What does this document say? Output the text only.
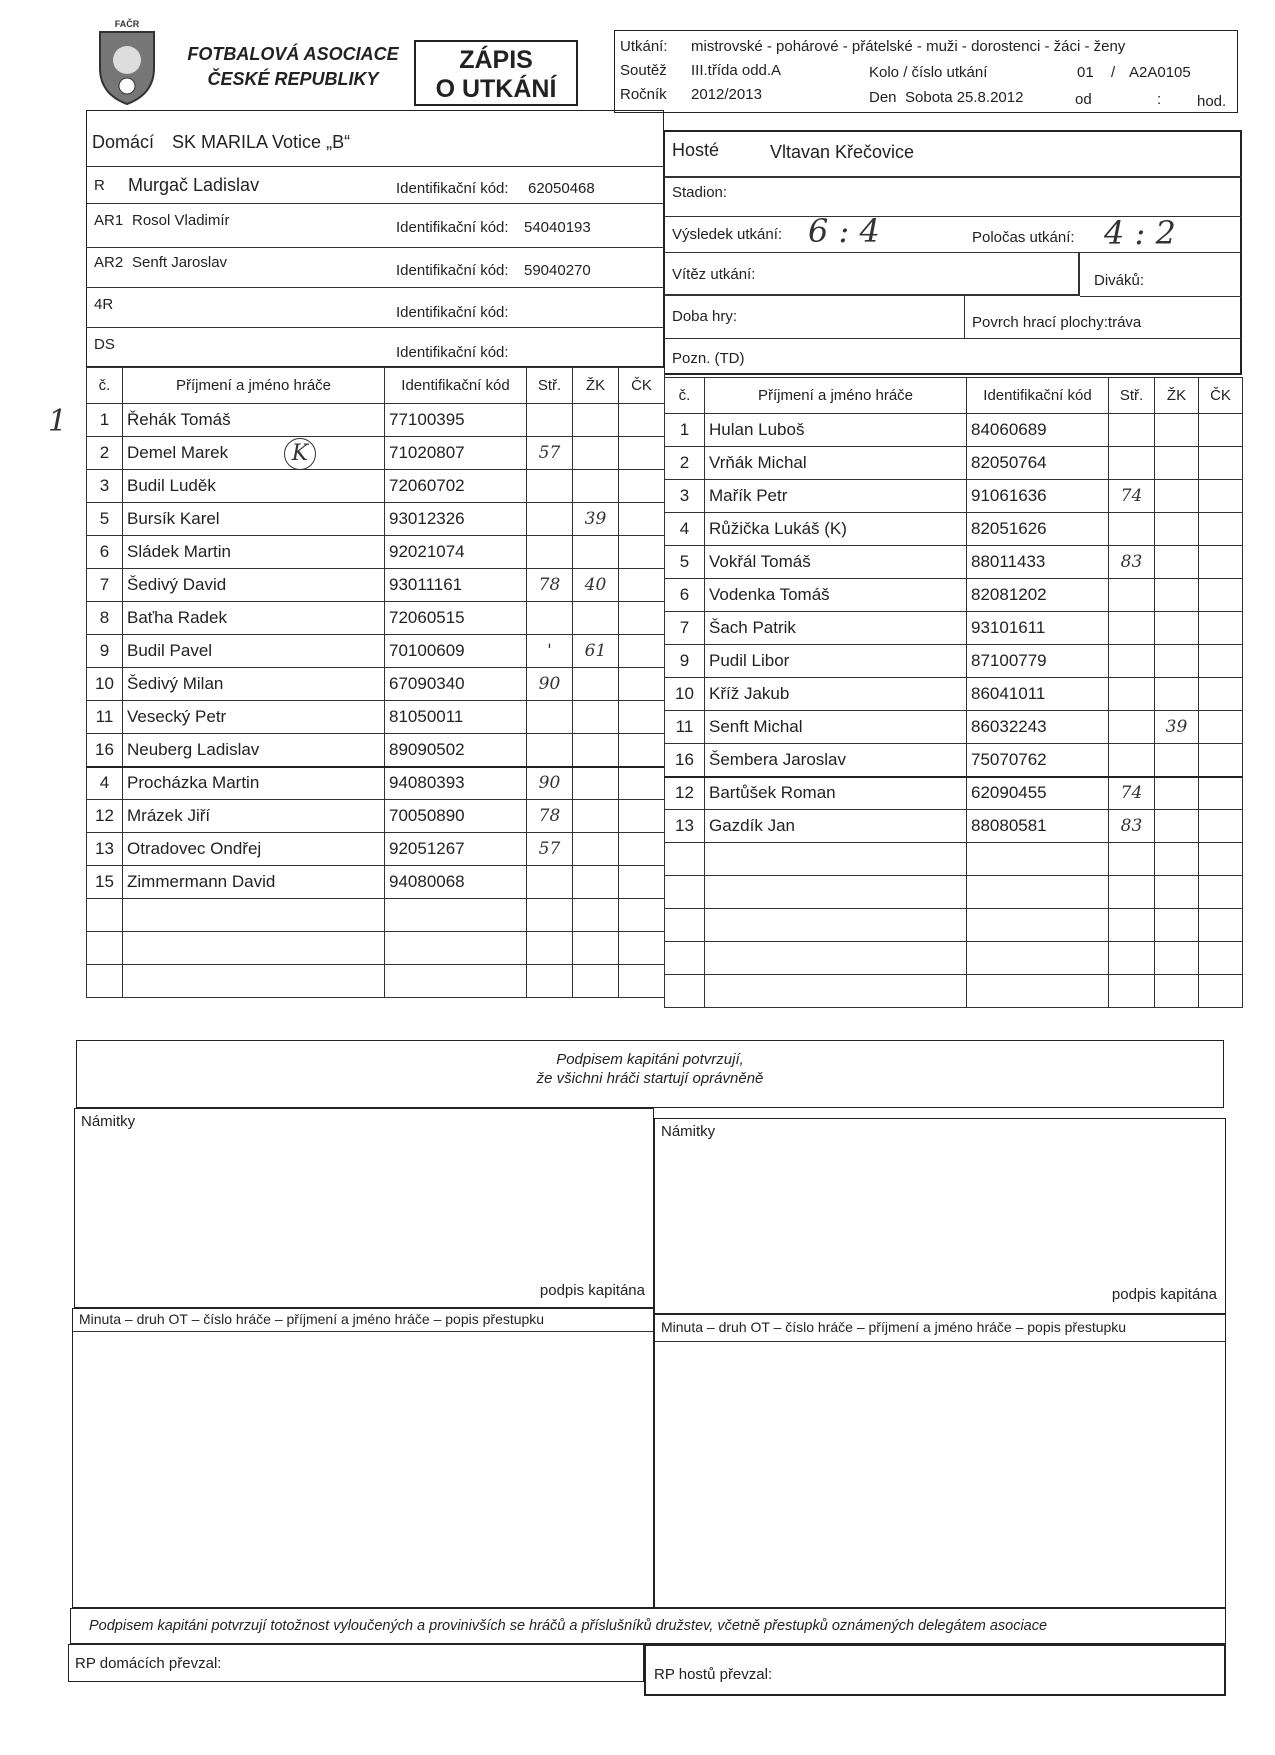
FAČR
FOTBALOVÁ ASOCIACE
ČESKÉ REPUBLIKY
ZÁPIS
O UTKÁNÍ
Utkání: mistrovské - pohárové - přátelské - muži - dorostenci - žáci - ženy
Soutěž III.třída odd.A
Ročník 2012/2013
Kolo / číslo utkání	01 / A2A0105
Den Sobota 25.8.2012	od	: hod.
Domácí SK MARILA Votice „B“
R Murgač Ladislav	Identifikační kód: 62050468
AR1 Rosol Vladimír	Identifikační kód: 54040193
AR2 Senft Jaroslav	Identifikační kód: 59040270
4R	Identifikační kód:
DS	Identifikační kód:
Hosté	Vltavan Křečovice
Stadion:
Výsledek utkání: 6 : 4	Poločas utkání: 4 : 2
Vítěz utkání:	Diváků:
Doba hry:	Povrch hrací plochy:tráva
Pozn. (TD)
č.	Příjmení a jméno hráče	Identifikační kód	Stř.	ŽK	ČK
1	Řehák Tomáš	77100395			
2	Demel Marek	71020807	57		
3	Budil Luděk	72060702			
5	Bursík Karel	93012326		39	
6	Sládek Martin	92021074			
7	Šedivý David	93011161	78	40	
8	Baťha Radek	72060515			
9	Budil Pavel	70100609	'	61	
10	Šedivý Milan	67090340	90		
11	Vesecký Petr	81050011			
16	Neuberg Ladislav	89090502			
4	Procházka Martin	94080393	90		
12	Mrázek Jiří	70050890	78		
13	Otradovec Ondřej	92051267	57		
15	Zimmermann David	94080068			

č.	Příjmení a jméno hráče	Identifikační kód	Stř.	ŽK	ČK
1	Hulan Luboš	84060689			
2	Vrňák Michal	82050764			
3	Mařík Petr	91061636	74		
4	Růžička Lukáš (K)	82051626			
5	Vokřál Tomáš	88011433	83		
6	Vodenka Tomáš	82081202			
7	Šach Patrik	93101611			
9	Pudil Libor	87100779			
10	Kříž Jakub	86041011			
11	Senft Michal	86032243		39	
16	Šembera Jaroslav	75070762			
12	Bartůšek Roman	62090455	74		
13	Gazdík Jan	88080581	83		

1
K
Podpisem kapitáni potvrzují,
že všichni hráči startují oprávněně
Námitky
podpis kapitána
Námitky
podpis kapitána
Minuta – druh OT – číslo hráče – příjmení a jméno hráče – popis přestupku	Minuta – druh OT – číslo hráče – příjmení a jméno hráče – popis přestupku
Podpisem kapitáni potvrzují totožnost vyloučených a provinivších se hráčů a příslušníků družstev, včetně přestupků oznámených delegátem asociace
RP domácích převzal:
RP hostů převzal:
